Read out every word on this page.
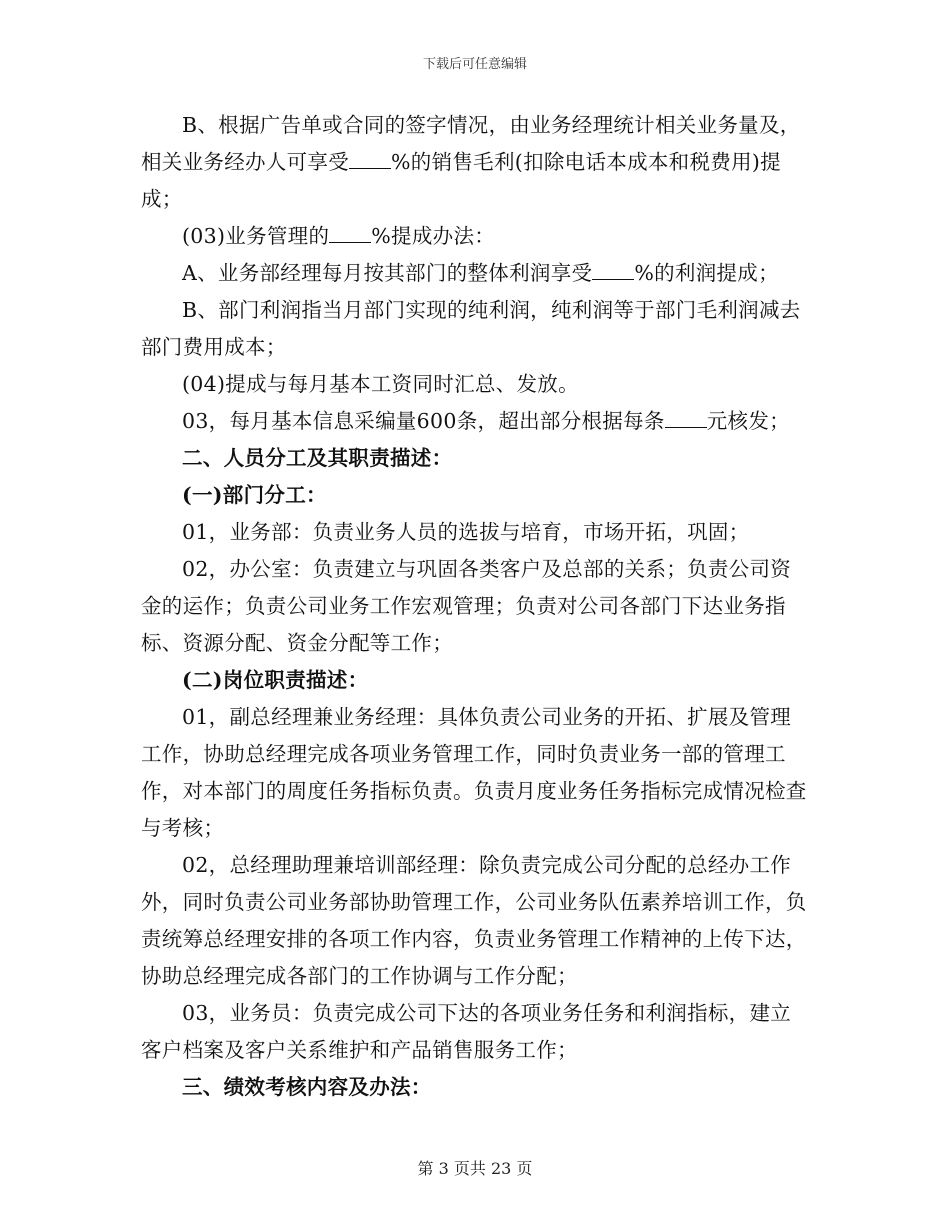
下载后可任意编辑

B、根据广告单或合同的签字情况，由业务经理统计相关业务量及，相关业务经办人可享受 %的销售毛利(扣除电话本成本和税费用)提成；

(03)业务管理的 %提成办法：

A、业务部经理每月按其部门的整体利润享受 %的利润提成；

B、部门利润指当月部门实现的纯利润，纯利润等于部门毛利润减去部门费用成本；

(04)提成与每月基本工资同时汇总、发放。

03，每月基本信息采编量600条，超出部分根据每条 元核发；

二、人员分工及其职责描述：

(一)部门分工：

01，业务部：负责业务人员的选拔与培育，市场开拓，巩固；

02，办公室：负责建立与巩固各类客户及总部的关系；负责公司资金的运作；负责公司业务工作宏观管理；负责对公司各部门下达业务指标、资源分配、资金分配等工作；

(二)岗位职责描述：

01，副总经理兼业务经理：具体负责公司业务的开拓、扩展及管理工作，协助总经理完成各项业务管理工作，同时负责业务一部的管理工作，对本部门的周度任务指标负责。负责月度业务任务指标完成情况检查与考核；

02，总经理助理兼培训部经理：除负责完成公司分配的总经办工作外，同时负责公司业务部协助管理工作，公司业务队伍素养培训工作，负责统筹总经理安排的各项工作内容，负责业务管理工作精神的上传下达，协助总经理完成各部门的工作协调与工作分配；

03，业务员：负责完成公司下达的各项业务任务和利润指标，建立客户档案及客户关系维护和产品销售服务工作；

三、绩效考核内容及办法：

第 3 页共 23 页
